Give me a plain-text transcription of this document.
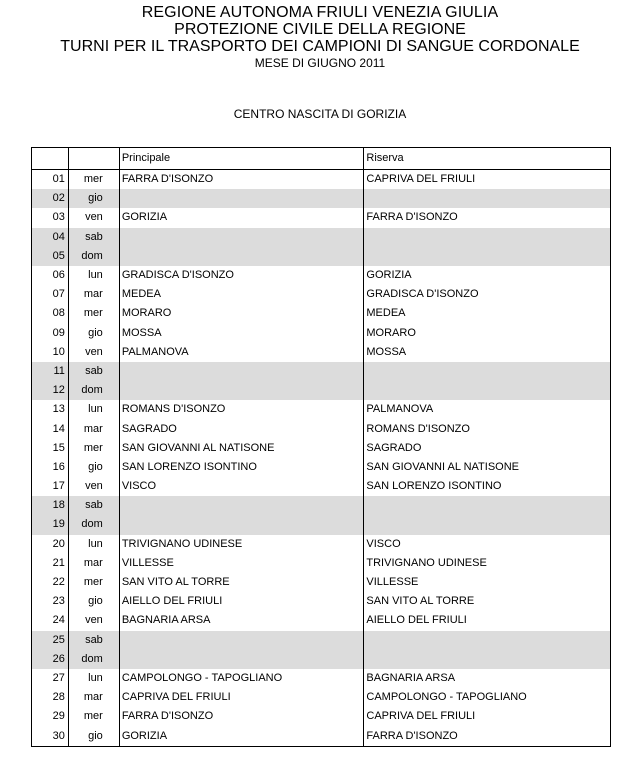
REGIONE AUTONOMA FRIULI VENEZIA GIULIA
PROTEZIONE CIVILE DELLA REGIONE
TURNI PER IL TRASPORTO DEI CAMPIONI DI SANGUE CORDONALE
MESE DI GIUGNO 2011
CENTRO NASCITA DI GORIZIA
		Principale	Riserva
01	mer	FARRA D'ISONZO	CAPRIVA DEL FRIULI
02	gio		
03	ven	GORIZIA	FARRA D'ISONZO
04	sab		
05	dom		
06	lun	GRADISCA D'ISONZO	GORIZIA
07	mar	MEDEA	GRADISCA D'ISONZO
08	mer	MORARO	MEDEA
09	gio	MOSSA	MORARO
10	ven	PALMANOVA	MOSSA
11	sab		
12	dom		
13	lun	ROMANS D'ISONZO	PALMANOVA
14	mar	SAGRADO	ROMANS D'ISONZO
15	mer	SAN GIOVANNI AL NATISONE	SAGRADO
16	gio	SAN LORENZO ISONTINO	SAN GIOVANNI AL NATISONE
17	ven	VISCO	SAN LORENZO ISONTINO
18	sab		
19	dom		
20	lun	TRIVIGNANO UDINESE	VISCO
21	mar	VILLESSE	TRIVIGNANO UDINESE
22	mer	SAN VITO AL TORRE	VILLESSE
23	gio	AIELLO DEL FRIULI	SAN VITO AL TORRE
24	ven	BAGNARIA ARSA	AIELLO DEL FRIULI
25	sab		
26	dom		
27	lun	CAMPOLONGO - TAPOGLIANO	BAGNARIA ARSA
28	mar	CAPRIVA DEL FRIULI	CAMPOLONGO - TAPOGLIANO
29	mer	FARRA D'ISONZO	CAPRIVA DEL FRIULI
30	gio	GORIZIA	FARRA D'ISONZO
